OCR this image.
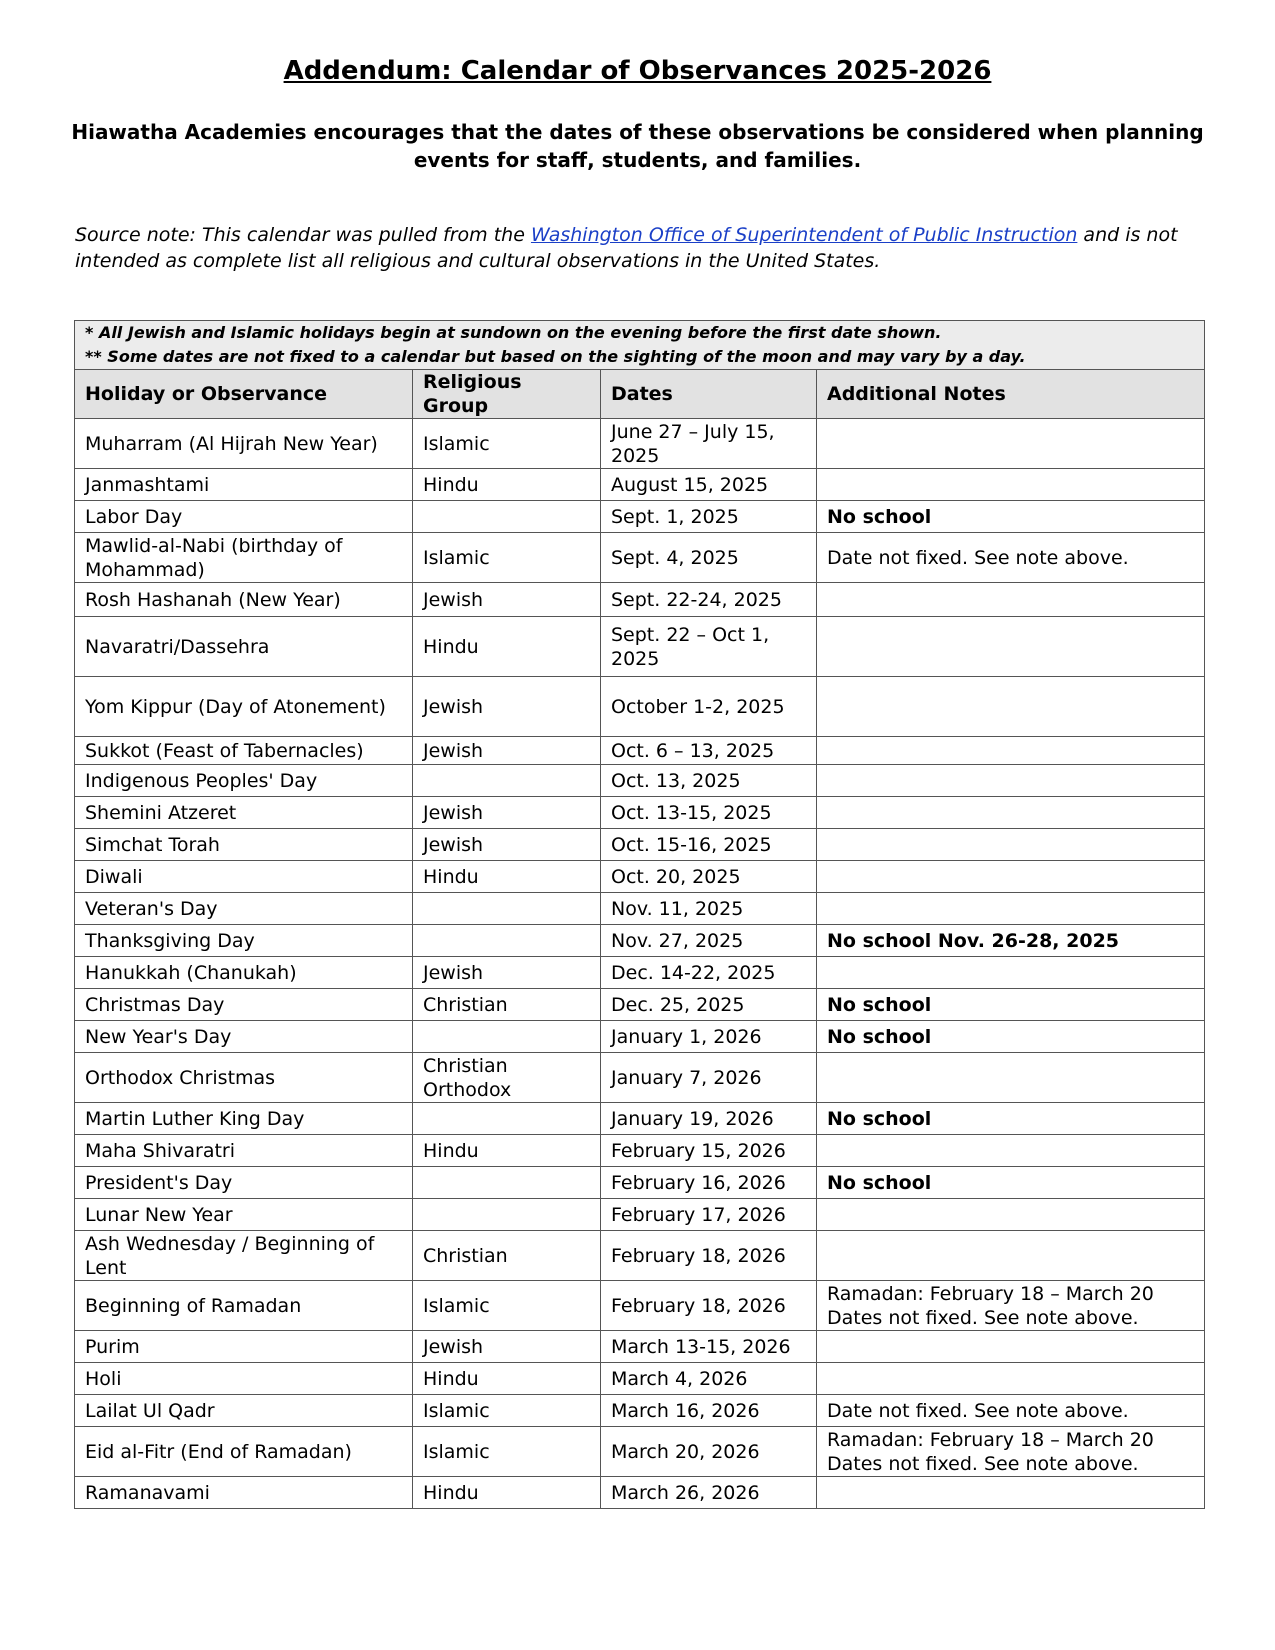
Addendum: Calendar of Observances 2025-2026
Hiawatha Academies encourages that the dates of these observations be considered when planning events for staff, students, and families.
Source note: This calendar was pulled from the Washington Office of Superintendent of Public Instruction and is not intended as complete list all religious and cultural observations in the United States.
* All Jewish and Islamic holidays begin at sundown on the evening before the first date shown.
** Some dates are not fixed to a calendar but based on the sighting of the moon and may vary by a day.			

Holiday or Observance	Religious Group	Dates	Additional Notes
Muharram (Al Hijrah New Year)	Islamic	June 27 – July 15, 2025	
Janmashtami	Hindu	August 15, 2025	
Labor Day		Sept. 1, 2025	No school
Mawlid-al-Nabi (birthday of Mohammad)	Islamic	Sept. 4, 2025	Date not fixed. See note above.
Rosh Hashanah (New Year)	Jewish	Sept. 22-24, 2025	
Navaratri/Dassehra	Hindu	Sept. 22 – Oct 1, 2025	
Yom Kippur (Day of Atonement)	Jewish	October 1-2, 2025	
Sukkot (Feast of Tabernacles)	Jewish	Oct. 6 – 13, 2025	
Indigenous Peoples' Day		Oct. 13, 2025	
Shemini Atzeret	Jewish	Oct. 13-15, 2025	
Simchat Torah	Jewish	Oct. 15-16, 2025	
Diwali	Hindu	Oct. 20, 2025	
Veteran's Day		Nov. 11, 2025	
Thanksgiving Day		Nov. 27, 2025	No school Nov. 26-28, 2025
Hanukkah (Chanukah)	Jewish	Dec. 14-22, 2025	
Christmas Day	Christian	Dec. 25, 2025	No school
New Year's Day		January 1, 2026	No school
Orthodox Christmas	Christian Orthodox	January 7, 2026	
Martin Luther King Day		January 19, 2026	No school
Maha Shivaratri	Hindu	February 15, 2026	
President's Day		February 16, 2026	No school
Lunar New Year		February 17, 2026	
Ash Wednesday / Beginning of Lent	Christian	February 18, 2026	
Beginning of Ramadan	Islamic	February 18, 2026	Ramadan: February 18 – March 20 Dates not fixed. See note above.
Purim	Jewish	March 13-15, 2026	
Holi	Hindu	March 4, 2026	
Lailat Ul Qadr	Islamic	March 16, 2026	Date not fixed. See note above.
Eid al-Fitr (End of Ramadan)	Islamic	March 20, 2026	Ramadan: February 18 – March 20 Dates not fixed. See note above.
Ramanavami	Hindu	March 26, 2026	
